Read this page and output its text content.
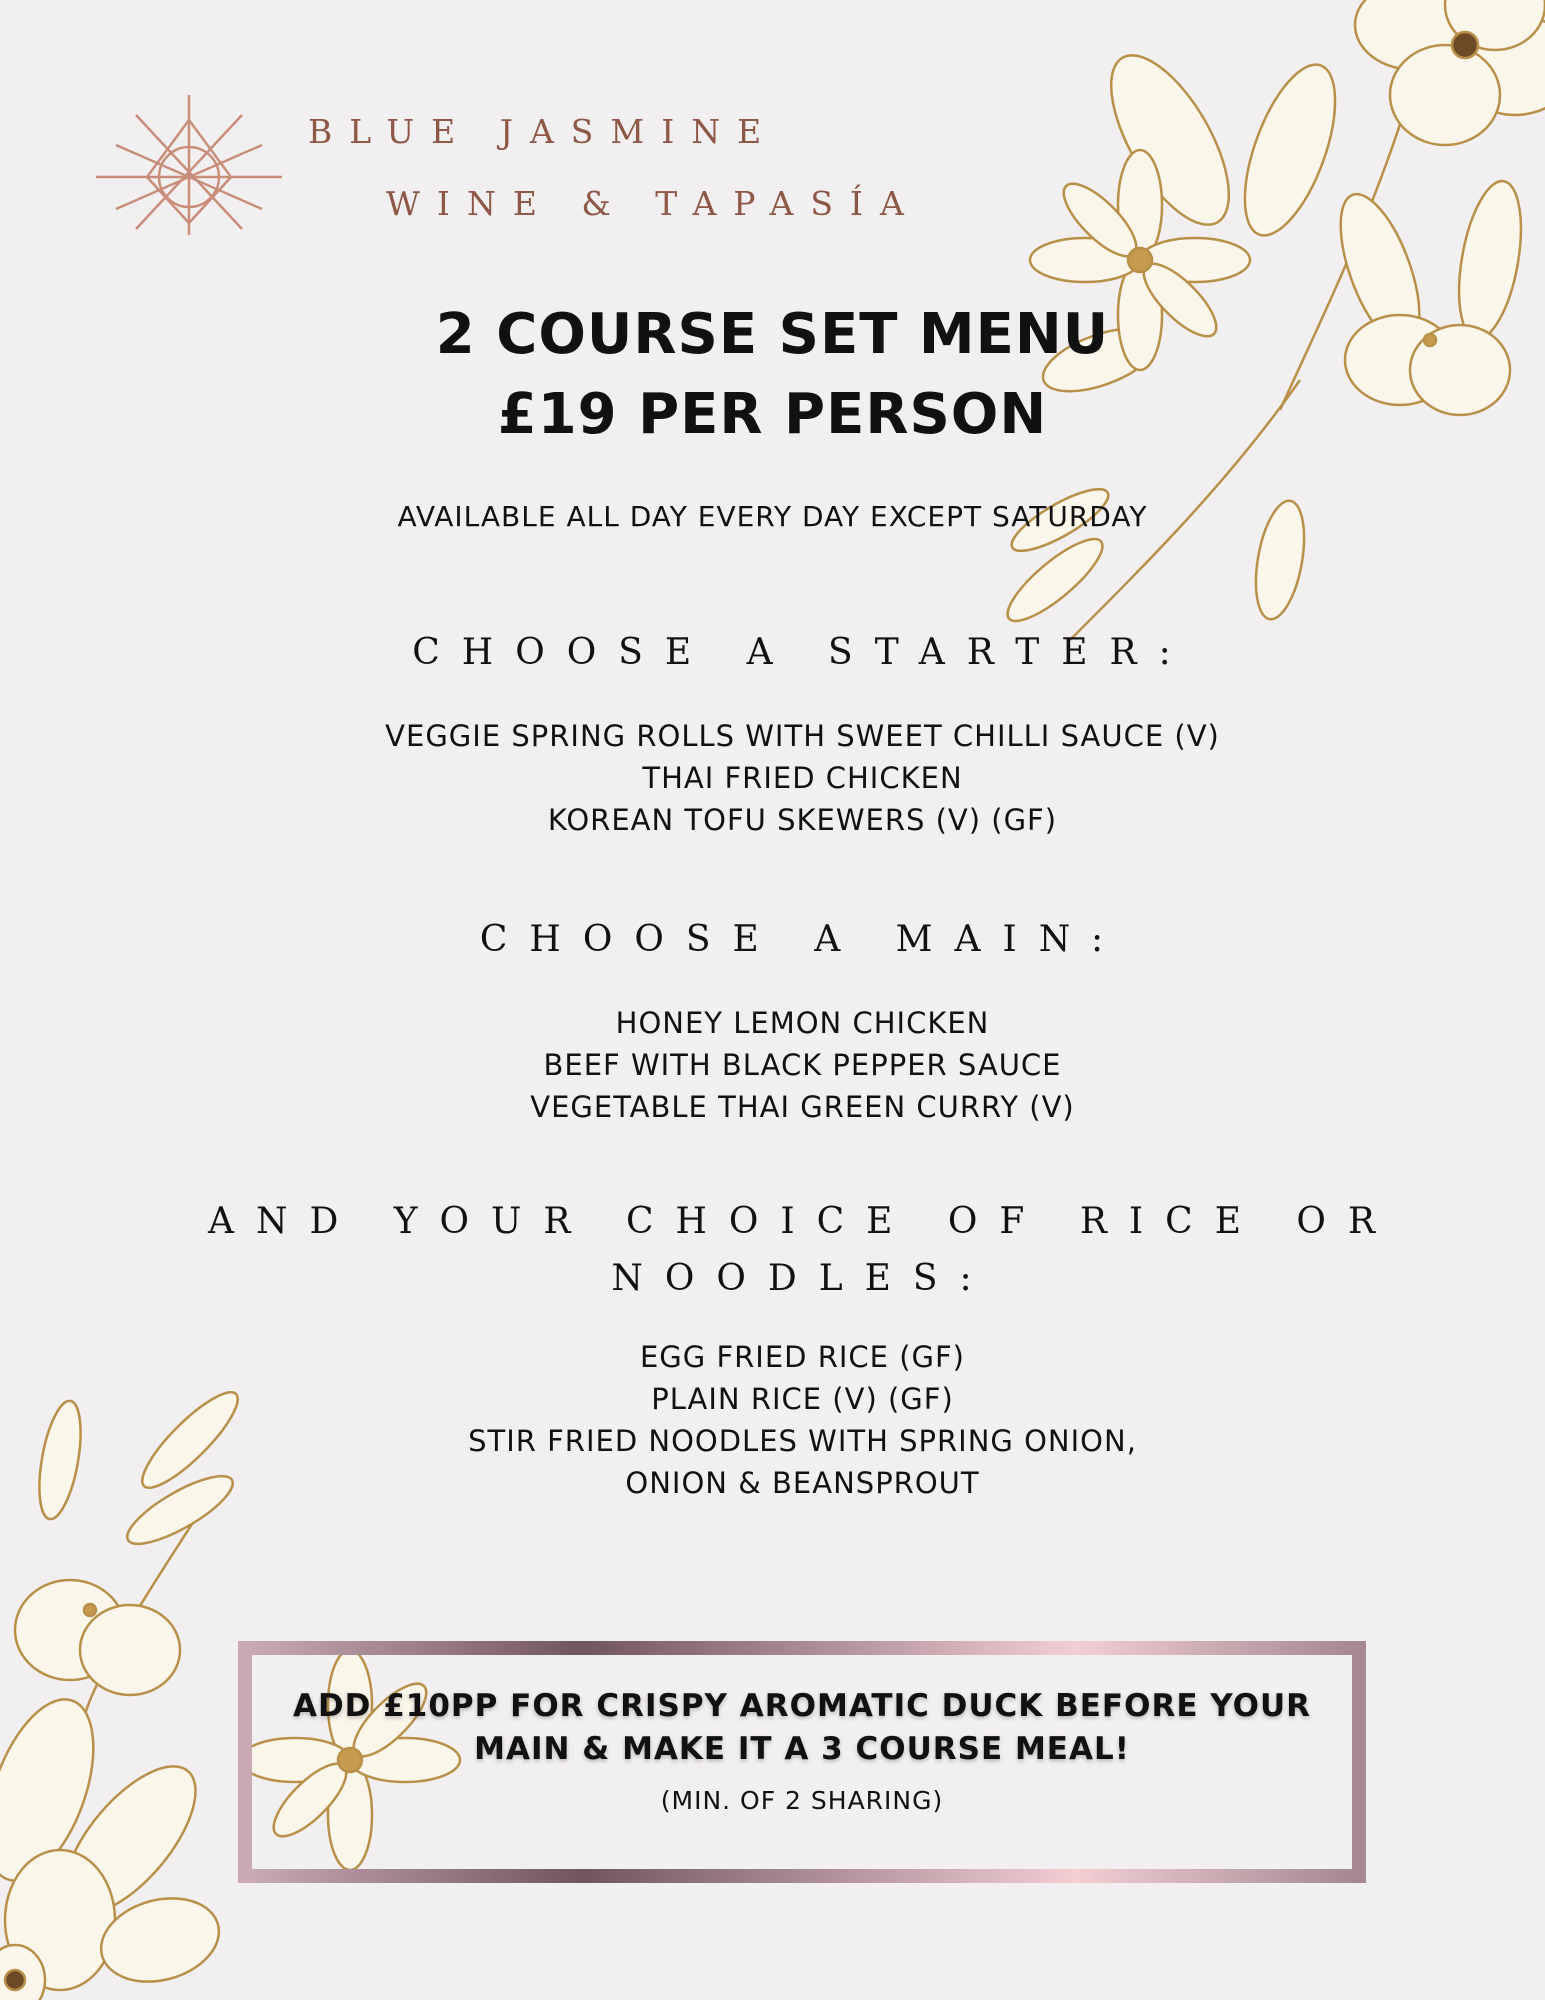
BLUE JASMINE
WINE & TAPASÍA
2 COURSE SET MENU
£19 PER PERSON
AVAILABLE ALL DAY EVERY DAY EXCEPT SATURDAY
CHOOSE A STARTER:
VEGGIE SPRING ROLLS WITH SWEET CHILLI SAUCE (V)
THAI FRIED CHICKEN
KOREAN TOFU SKEWERS (V) (GF)
CHOOSE A MAIN:
HONEY LEMON CHICKEN
BEEF WITH BLACK PEPPER SAUCE
VEGETABLE THAI GREEN CURRY (V)
AND YOUR CHOICE OF RICE OR
NOODLES:
EGG FRIED RICE (GF)
PLAIN RICE (V) (GF)
STIR FRIED NOODLES WITH SPRING ONION,
ONION & BEANSPROUT
ADD £10PP FOR CRISPY AROMATIC DUCK BEFORE YOUR
MAIN & MAKE IT A 3 COURSE MEAL!
(MIN. OF 2 SHARING)
